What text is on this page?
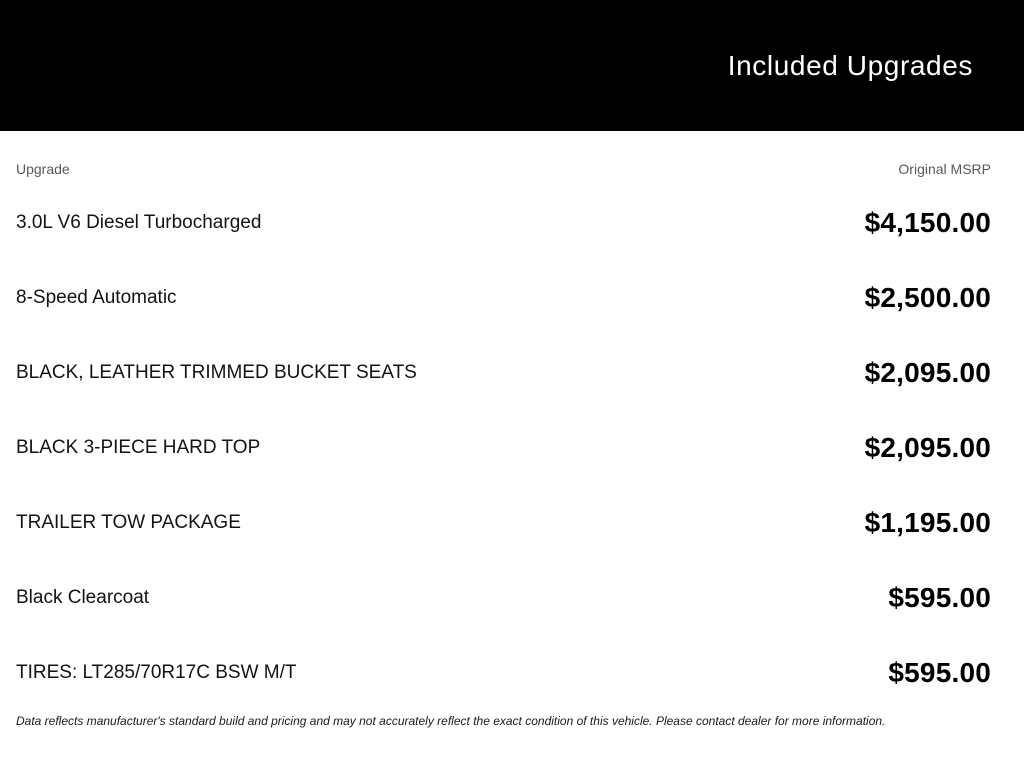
Included Upgrades
Upgrade	Original MSRP
3.0L V6 Diesel Turbocharged	$4,150.00
8-Speed Automatic	$2,500.00
BLACK, LEATHER TRIMMED BUCKET SEATS	$2,095.00
BLACK 3-PIECE HARD TOP	$2,095.00
TRAILER TOW PACKAGE	$1,195.00
Black Clearcoat	$595.00
TIRES: LT285/70R17C BSW M/T	$595.00
Data reflects manufacturer's standard build and pricing and may not accurately reflect the exact condition of this vehicle. Please contact dealer for more information.
